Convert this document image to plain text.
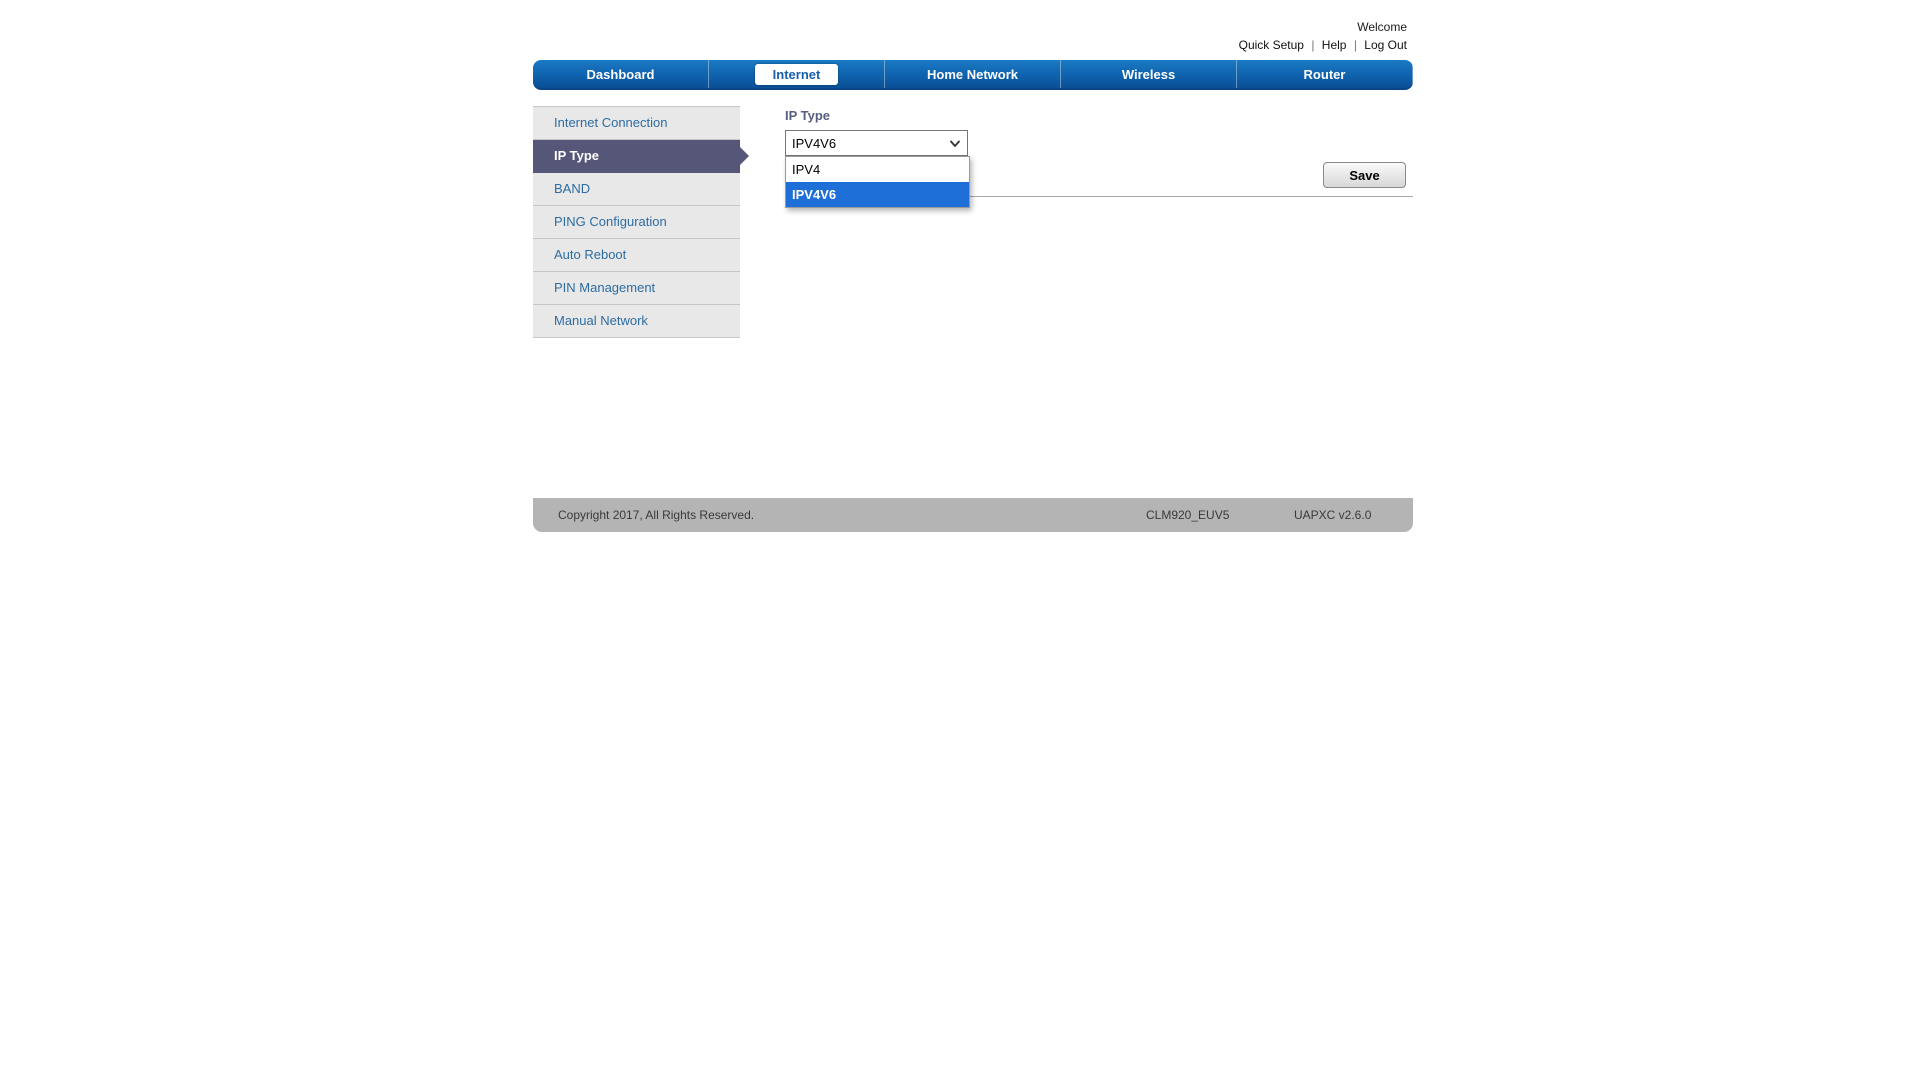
Welcome
Quick Setup | Help | Log Out
Dashboard	Internet	Home Network	Wireless	Router
Internet Connection
IP Type
BAND
PING Configuration
Auto Reboot
PIN Management
Manual Network
IP Type
IPV4V6
IPV4
IPV4V6
Save
Copyright 2017, All Rights Reserved.	CLM920_EUV5	UAPXC v2.6.0
